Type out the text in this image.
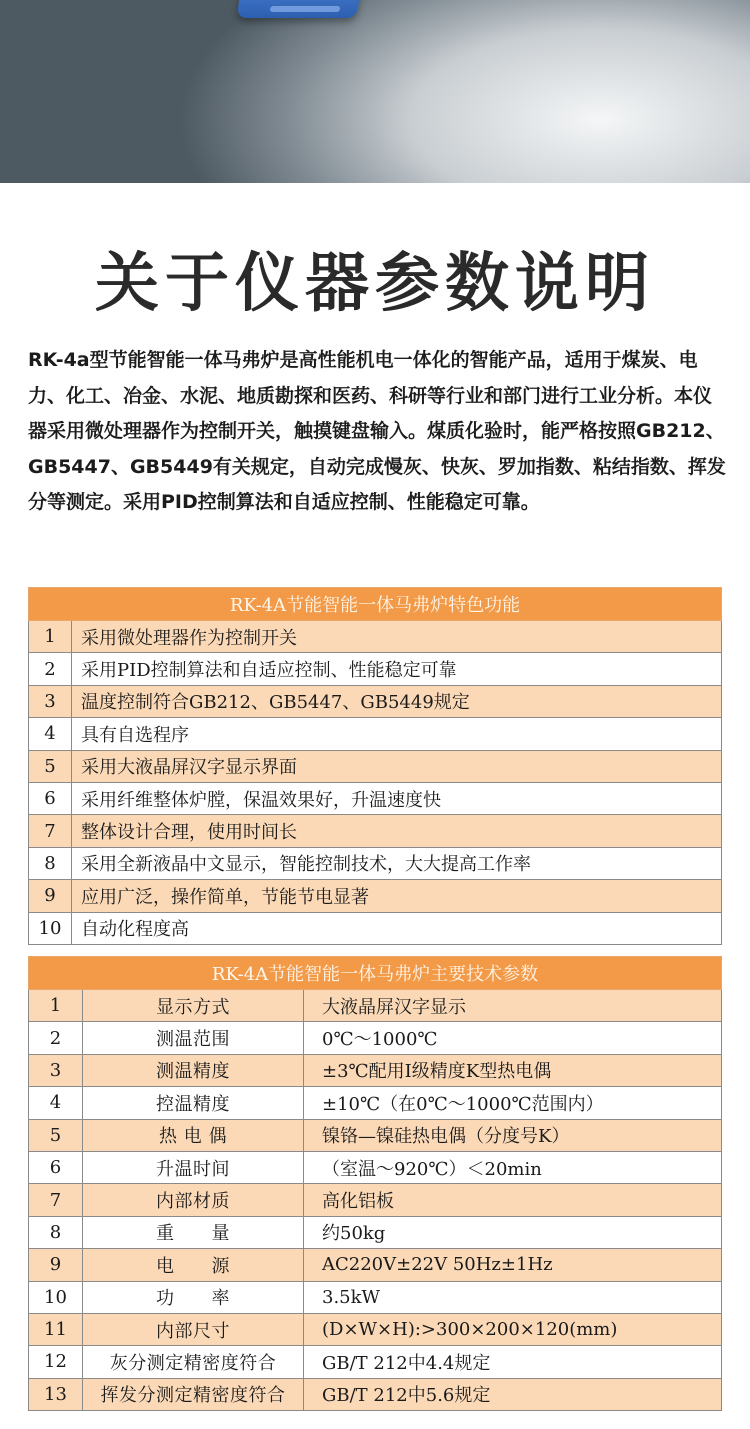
关于仪器参数说明

RK-4a型节能智能一体马弗炉是高性能机电一体化的智能产品，适用于煤炭、电力、化工、冶金、水泥、地质勘探和医药、科研等行业和部门进行工业分析。本仪器采用微处理器作为控制开关，触摸键盘输入。煤质化验时，能严格按照GB212、GB5447、GB5449有关规定，自动完成慢灰、快灰、罗加指数、粘结指数、挥发分等测定。采用PID控制算法和自适应控制、性能稳定可靠。

RK-4A节能智能一体马弗炉特色功能	
1	采用微处理器作为控制开关
2	采用PID控制算法和自适应控制、性能稳定可靠
3	温度控制符合GB212、GB5447、GB5449规定
4	具有自选程序
5	采用大液晶屏汉字显示界面
6	采用纤维整体炉膛，保温效果好，升温速度快
7	整体设计合理，使用时间长
8	采用全新液晶中文显示，智能控制技术，大大提高工作率
9	应用广泛，操作简单，节能节电显著
10	自动化程度高
RK-4A节能智能一体马弗炉主要技术参数		
1	显示方式	大液晶屏汉字显示
2	测温范围	0℃～1000℃
3	测温精度	±3℃配用Ⅰ级精度K型热电偶
4	控温精度	±10℃（在0℃～1000℃范围内）
5	热 电 偶	镍铬—镍硅热电偶（分度号K）
6	升温时间	（室温～920℃）＜20min
7	内部材质	高化铝板
8	重　　量	约50kg
9	电　　源	AC220V±22V 50Hz±1Hz
10	功　　率	3.5kW
11	内部尺寸	(D×W×H):>300×200×120(mm)
12	灰分测定精密度符合	GB/T 212中4.4规定
13	挥发分测定精密度符合	GB/T 212中5.6规定
